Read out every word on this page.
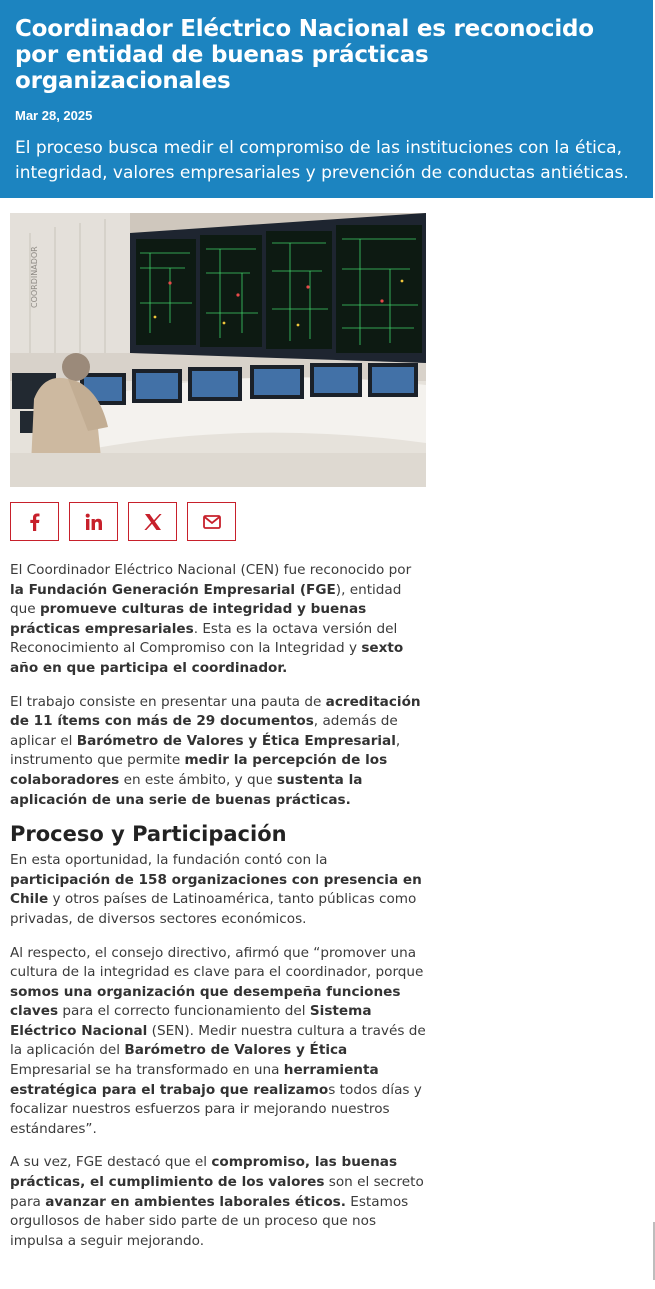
Coordinador Eléctrico Nacional es reconocido por entidad de buenas prácticas organizacionales
Mar 28, 2025

El proceso busca medir el compromiso de las instituciones con la ética, integridad, valores empresariales y prevención de conductas antiéticas.

COORDINADOR

El Coordinador Eléctrico Nacional (CEN) fue reconocido por la Fundación Generación Empresarial (FGE), entidad que promueve culturas de integridad y buenas prácticas empresariales. Esta es la octava versión del Reconocimiento al Compromiso con la Integridad y sexto año en que participa el coordinador.

El trabajo consiste en presentar una pauta de acreditación de 11 ítems con más de 29 documentos, además de aplicar el Barómetro de Valores y Ética Empresarial, instrumento que permite medir la percepción de los colaboradores en este ámbito, y que sustenta la aplicación de una serie de buenas prácticas.

Proceso y Participación

En esta oportunidad, la fundación contó con la participación de 158 organizaciones con presencia en Chile y otros países de Latinoamérica, tanto públicas como privadas, de diversos sectores económicos.

Al respecto, el consejo directivo, afirmó que “promover una cultura de la integridad es clave para el coordinador, porque somos una organización que desempeña funciones claves para el correcto funcionamiento del Sistema Eléctrico Nacional (SEN). Medir nuestra cultura a través de la aplicación del Barómetro de Valores y Ética Empresarial se ha transformado en una herramienta estratégica para el trabajo que realizamos todos días y focalizar nuestros esfuerzos para ir mejorando nuestros estándares”.

A su vez, FGE destacó que el compromiso, las buenas prácticas, el cumplimiento de los valores son el secreto para avanzar en ambientes laborales éticos. Estamos orgullosos de haber sido parte de un proceso que nos impulsa a seguir mejorando.
